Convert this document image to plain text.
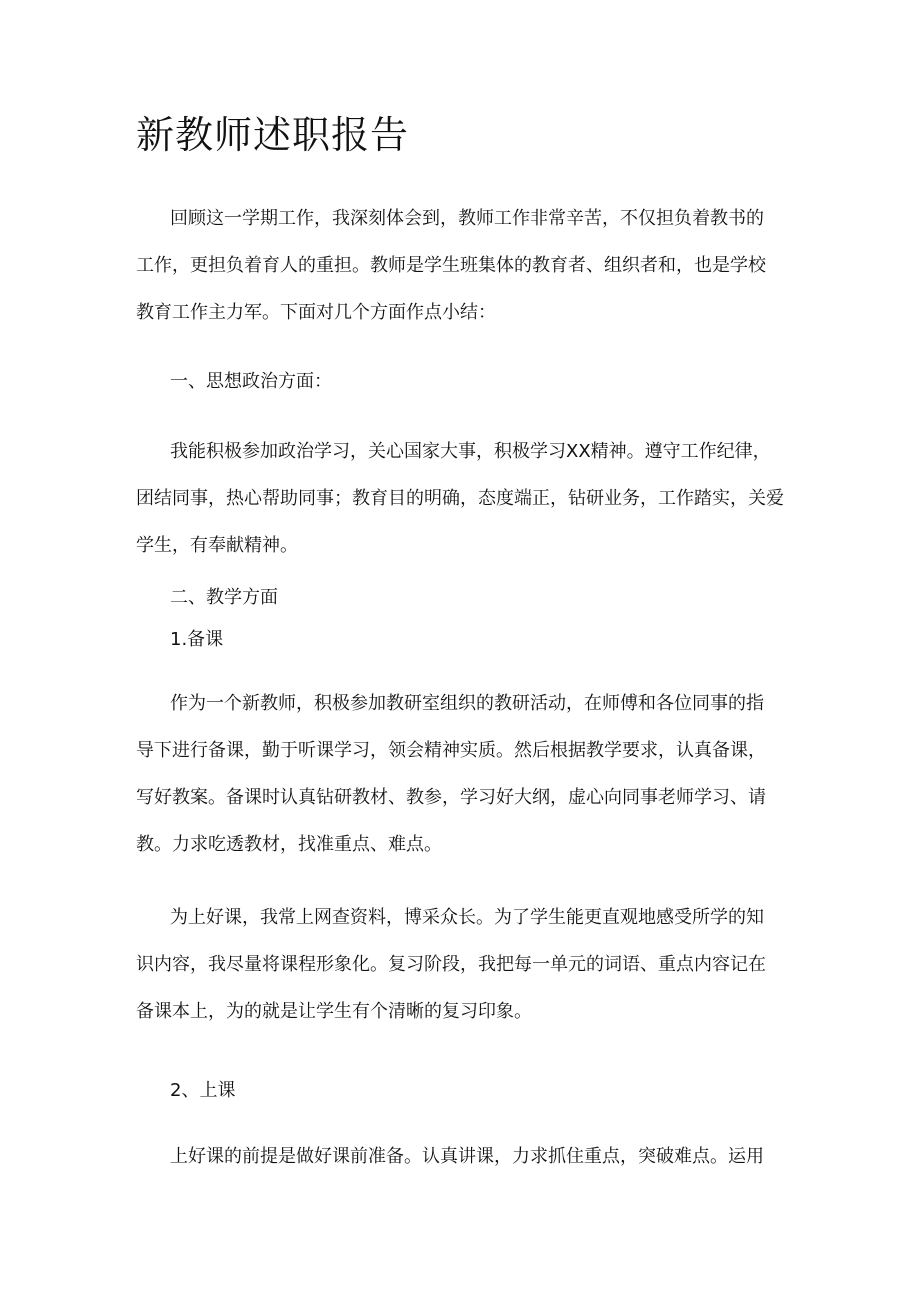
新教师述职报告
回顾这一学期工作，我深刻体会到，教师工作非常辛苦，不仅担负着教书的
工作，更担负着育人的重担。教师是学生班集体的教育者、组织者和，也是学校
教育工作主力军。下面对几个方面作点小结：
一、思想政治方面：
我能积极参加政治学习，关心国家大事，积极学习XX精神。遵守工作纪律，
团结同事，热心帮助同事；教育目的明确，态度端正，钻研业务，工作踏实，关爱
学生，有奉献精神。
二、教学方面
1.备课
作为一个新教师，积极参加教研室组织的教研活动，在师傅和各位同事的指
导下进行备课，勤于听课学习，领会精神实质。然后根据教学要求，认真备课，
写好教案。备课时认真钻研教材、教参，学习好大纲，虚心向同事老师学习、请
教。力求吃透教材，找准重点、难点。
为上好课，我常上网查资料，博采众长。为了学生能更直观地感受所学的知
识内容，我尽量将课程形象化。复习阶段，我把每一单元的词语、重点内容记在
备课本上，为的就是让学生有个清晰的复习印象。
2、上课
上好课的前提是做好课前准备。认真讲课，力求抓住重点，突破难点。运用
